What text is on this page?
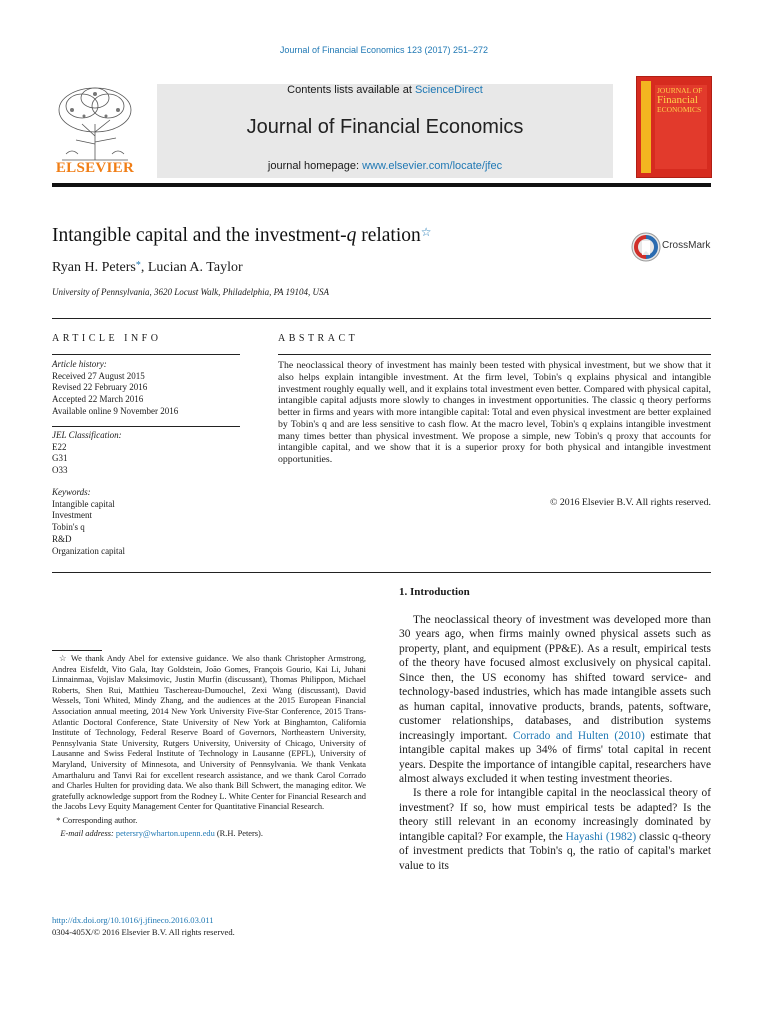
Journal of Financial Economics 123 (2017) 251–272
ELSEVIER
Contents lists available at ScienceDirect
Journal of Financial Economics
journal homepage: www.elsevier.com/locate/jfec
JOURNAL OF
Financial
ECONOMICS
Intangible capital and the investment-q relation☆
Ryan H. Peters*, Lucian A. Taylor
University of Pennsylvania, 3620 Locust Walk, Philadelphia, PA 19104, USA
CrossMark
ARTICLE INFO
Article history:
Received 27 August 2015
Revised 22 February 2016
Accepted 22 March 2016
Available online 9 November 2016
JEL Classification:
E22
G31
O33
Keywords:
Intangible capital
Investment
Tobin's q
R&D
Organization capital
ABSTRACT
The neoclassical theory of investment has mainly been tested with physical investment, but we show that it also helps explain intangible investment. At the firm level, Tobin's q explains physical and intangible investment roughly equally well, and it explains total investment even better. Compared with physical capital, intangible capital adjusts more slowly to changes in investment opportunities. The classic q theory performs better in firms and years with more intangible capital: Total and even physical investment are better explained by Tobin's q and are less sensitive to cash flow. At the macro level, Tobin's q explains intangible investment many times better than physical investment. We propose a simple, new Tobin's q proxy that accounts for intangible capital, and we show that it is a superior proxy for both physical and intangible investment opportunities.
© 2016 Elsevier B.V. All rights reserved.
1. Introduction

The neoclassical theory of investment was developed more than 30 years ago, when firms mainly owned physical assets such as property, plant, and equipment (PP&E). As a result, empirical tests of the theory have focused almost exclusively on physical capital. Since then, the US economy has shifted toward service- and technology-based industries, which has made intangible assets such as human capital, innovative products, brands, patents, software, customer relationships, databases, and distribution systems increasingly important. Corrado and Hulten (2010) estimate that intangible capital makes up 34% of firms' total capital in recent years. Despite the importance of intangible capital, researchers have almost always excluded it when testing investment theories.

Is there a role for intangible capital in the neoclassical theory of investment? If so, how must empirical tests be adapted? Is the theory still relevant in an economy increasingly dominated by intangible capital? For example, the Hayashi (1982) classic q-theory of investment predicts that Tobin's q, the ratio of capital's market value to its

☆ We thank Andy Abel for extensive guidance. We also thank Christopher Armstrong, Andrea Eisfeldt, Vito Gala, Itay Goldstein, João Gomes, François Gourio, Kai Li, Juhani Linnainmaa, Vojislav Maksimovic, Justin Murfin (discussant), Thomas Philippon, Michael Roberts, Shen Rui, Matthieu Taschereau-Dumouchel, Zexi Wang (discussant), David Wessels, Toni Whited, Mindy Zhang, and the audiences at the 2015 European Financial Association annual meeting, 2014 New York University Five-Star Conference, 2015 Trans-Atlantic Doctoral Conference, State University of New York at Binghamton, California Institute of Technology, Federal Reserve Board of Governors, Northeastern University, Pennsylvania State University, Rutgers University, University of Chicago, University of Lausanne and Swiss Federal Institute of Technology in Lausanne (EPFL), University of Maryland, University of Minnesota, and University of Pennsylvania. We thank Venkata Amarthaluru and Tanvi Rai for excellent research assistance, and we thank Carol Corrado and Charles Hulten for providing data. We also thank Bill Schwert, the managing editor. We gratefully acknowledge support from the Rodney L. White Center for Financial Research and the Jacobs Levy Equity Management Center for Quantitative Financial Research.

* Corresponding author.

E-mail address: petersry@wharton.upenn.edu (R.H. Peters).

http://dx.doi.org/10.1016/j.jfineco.2016.03.011
0304-405X/© 2016 Elsevier B.V. All rights reserved.
